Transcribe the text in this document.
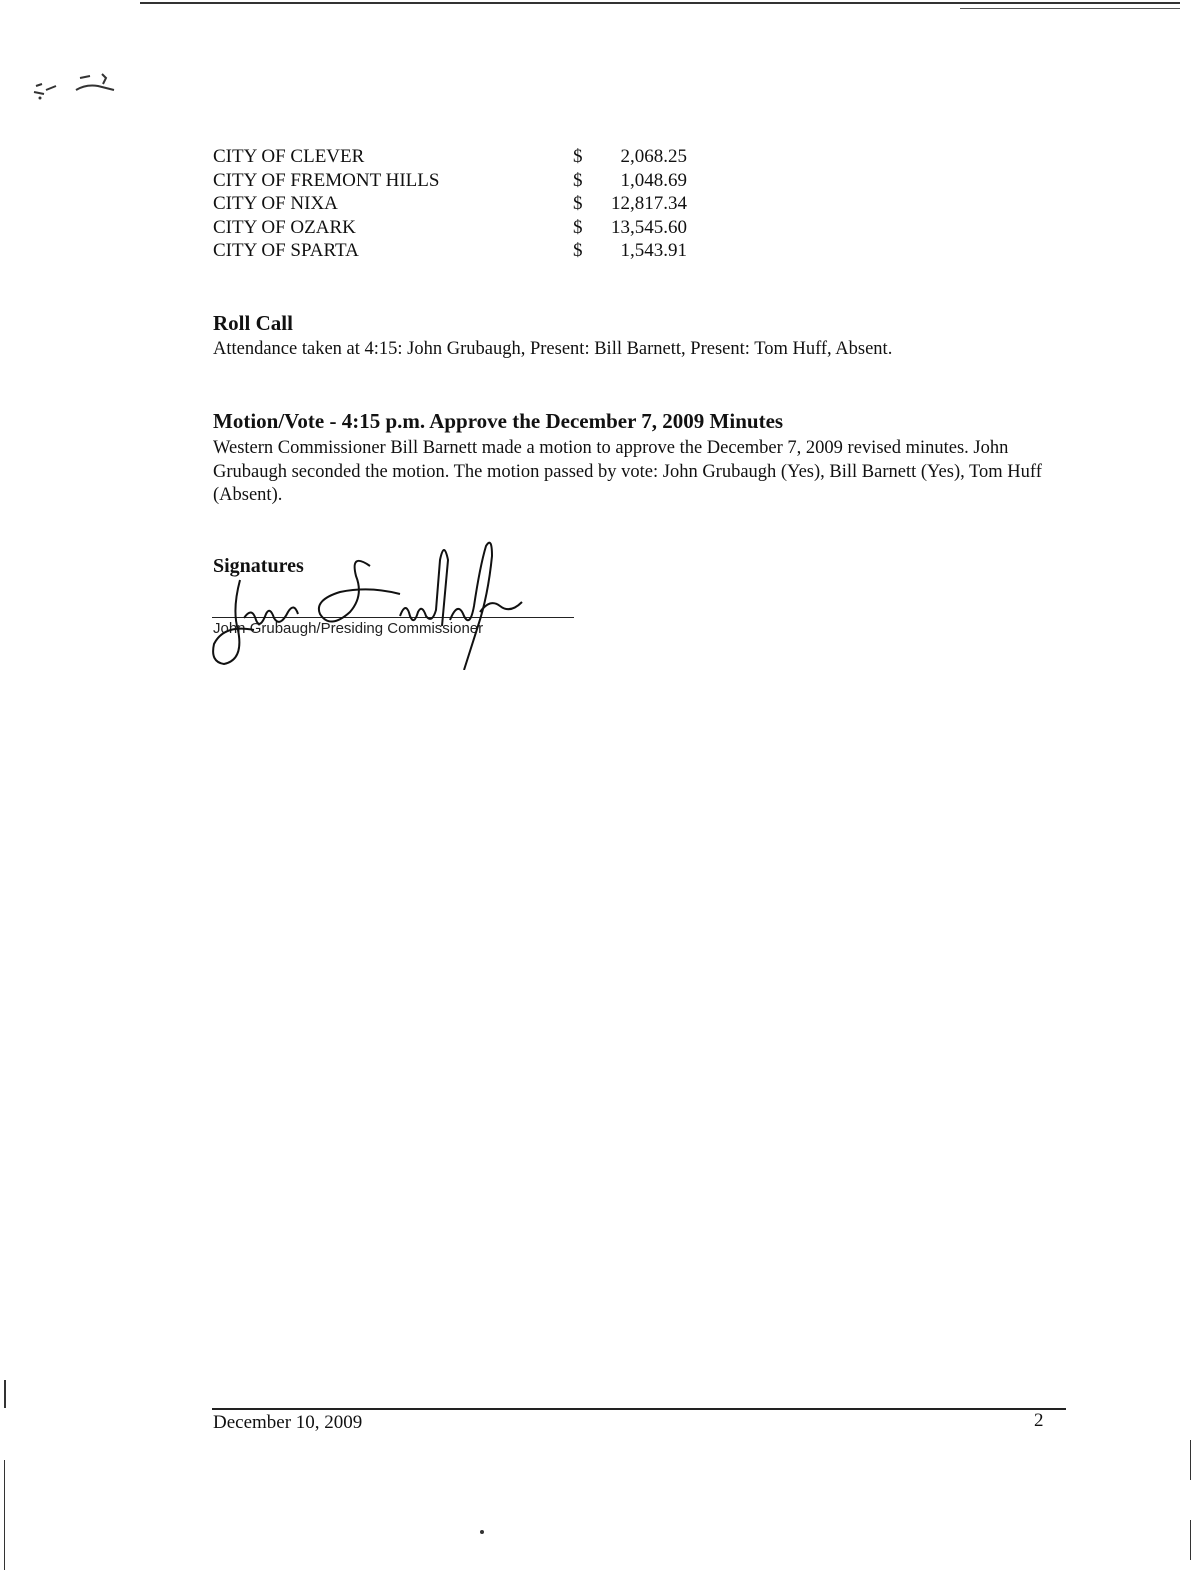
CITY OF CLEVER	$	2,068.25
CITY OF FREMONT HILLS	$	1,048.69
CITY OF NIXA	$	12,817.34
CITY OF OZARK	$	13,545.60
CITY OF SPARTA	$	1,543.91
Roll Call
Attendance taken at 4:15: John Grubaugh, Present: Bill Barnett, Present: Tom Huff, Absent.
Motion/Vote - 4:15 p.m. Approve the December 7, 2009 Minutes
Western Commissioner Bill Barnett made a motion to approve the December 7, 2009 revised minutes. John Grubaugh seconded the motion. The motion passed by vote: John Grubaugh (Yes), Bill Barnett (Yes), Tom Huff (Absent).
Signatures
John Grubaugh/Presiding Commissioner
December 10, 2009	2
